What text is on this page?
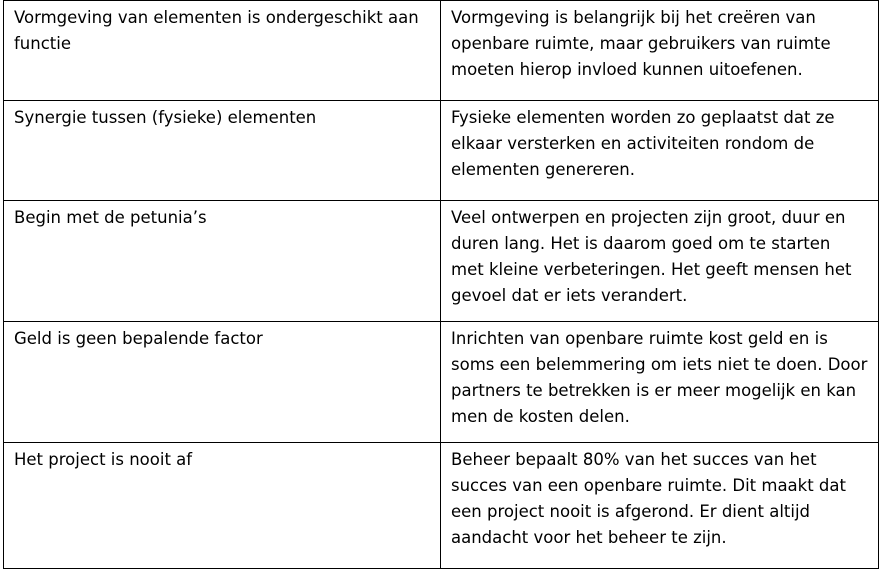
Vormgeving van elementen is ondergeschikt aan functie	Vormgeving is belangrijk bij het creëren van openbare ruimte, maar gebruikers van ruimte moeten hierop invloed kunnen uitoefenen.

Synergie tussen (fysieke) elementen	Fysieke elementen worden zo geplaatst dat ze elkaar versterken en activiteiten rondom de elementen genereren.

Begin met de petunia’s	Veel ontwerpen en projecten zijn groot, duur en duren lang. Het is daarom goed om te starten met kleine verbeteringen. Het geeft mensen het gevoel dat er iets verandert.

Geld is geen bepalende factor	Inrichten van openbare ruimte kost geld en is soms een belemmering om iets niet te doen. Door partners te betrekken is er meer mogelijk en kan men de kosten delen.

Het project is nooit af	Beheer bepaalt 80% van het succes van het succes van een openbare ruimte. Dit maakt dat een project nooit is afgerond. Er dient altijd aandacht voor het beheer te zijn.
